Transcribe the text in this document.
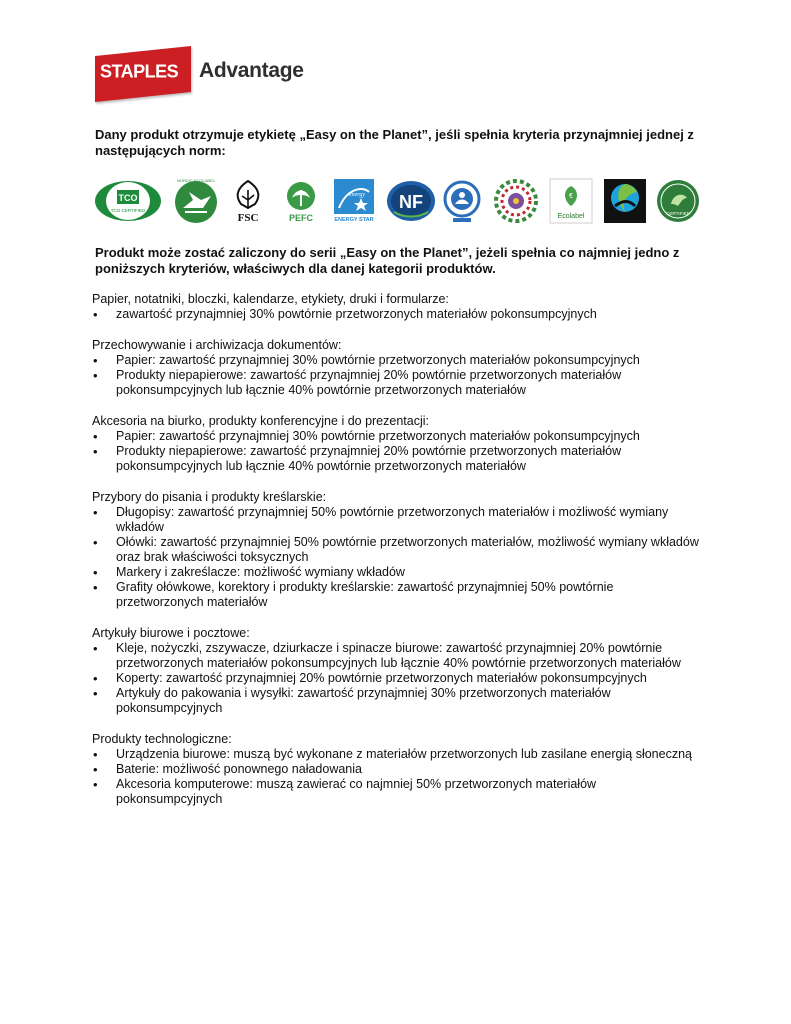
STAPLES Advantage
Dany produkt otrzymuje etykietę „Easy on the Planet”, jeśli spełnia kryteria przynajmniej jednej z następujących norm:
TCO
TCO CERTIFIED
NORDIC ECOLABEL
FSC	PEFC
energy
ENERGY STAR
NF	€
Ecolabel	CERTIFIED
Produkt może zostać zaliczony do serii „Easy on the Planet”, jeżeli spełnia co najmniej jedno z poniższych kryteriów, właściwych dla danej kategorii produktów.

Papier, notatniki, bloczki, kalendarze, etykiety, druki i formularze:

• zawartość przynajmniej 30% powtórnie przetworzonych materiałów pokonsumpcyjnych

Przechowywanie i archiwizacja dokumentów:

• Papier: zawartość przynajmniej 30% powtórnie przetworzonych materiałów pokonsumpcyjnych
• Produkty niepapierowe: zawartość przynajmniej 20% powtórnie przetworzonych materiałów pokonsumpcyjnych lub łącznie 40% powtórnie przetworzonych materiałów

Akcesoria na biurko, produkty konferencyjne i do prezentacji:

• Papier: zawartość przynajmniej 30% powtórnie przetworzonych materiałów pokonsumpcyjnych
• Produkty niepapierowe: zawartość przynajmniej 20% powtórnie przetworzonych materiałów pokonsumpcyjnych lub łącznie 40% powtórnie przetworzonych materiałów

Przybory do pisania i produkty kreślarskie:

• Długopisy: zawartość przynajmniej 50% powtórnie przetworzonych materiałów i możliwość wymiany wkładów
• Ołówki: zawartość przynajmniej 50% powtórnie przetworzonych materiałów, możliwość wymiany wkładów oraz brak właściwości toksycznych
• Markery i zakreślacze: możliwość wymiany wkładów
• Grafity ołówkowe, korektory i produkty kreślarskie: zawartość przynajmniej 50% powtórnie przetworzonych materiałów

Artykuły biurowe i pocztowe:

• Kleje, nożyczki, zszywacze, dziurkacze i spinacze biurowe: zawartość przynajmniej 20% powtórnie przetworzonych materiałów pokonsumpcyjnych lub łącznie 40% powtórnie przetworzonych materiałów
• Koperty: zawartość przynajmniej 20% powtórnie przetworzonych materiałów pokonsumpcyjnych
• Artykuły do pakowania i wysyłki: zawartość przynajmniej 30% przetworzonych materiałów pokonsumpcyjnych

Produkty technologiczne:

• Urządzenia biurowe: muszą być wykonane z materiałów przetworzonych lub zasilane energią słoneczną
• Baterie: możliwość ponownego naładowania
• Akcesoria komputerowe: muszą zawierać co najmniej 50% przetworzonych materiałów pokonsumpcyjnych
